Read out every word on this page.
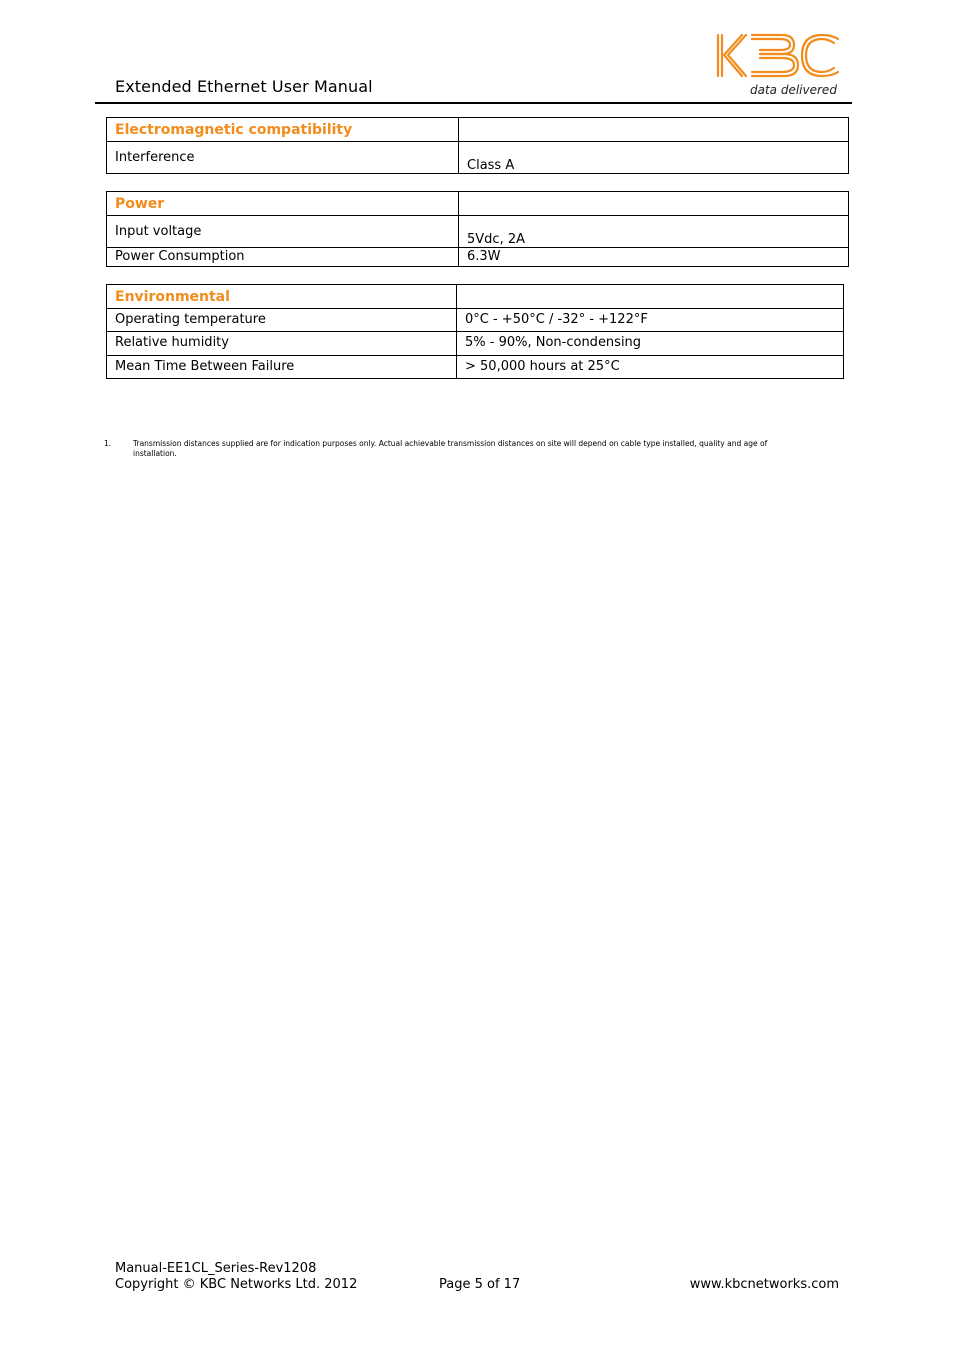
Extended Ethernet User Manual	data delivered
Electromagnetic compatibility	
Interference	Class A
Power	
Input voltage	5Vdc, 2A
Power Consumption	6.3W
Environmental	
Operating temperature	0°C - +50°C / -32° - +122°F
Relative humidity	5% - 90%, Non-condensing
Mean Time Between Failure	> 50,000 hours at 25°C
1.	Transmission distances supplied are for indication purposes only. Actual achievable transmission distances on site will depend on cable type installed, quality and age of installation.
Manual-EE1CL_Series-Rev1208
Copyright © KBC Networks Ltd. 2012	Page 5 of 17	www.kbcnetworks.com
